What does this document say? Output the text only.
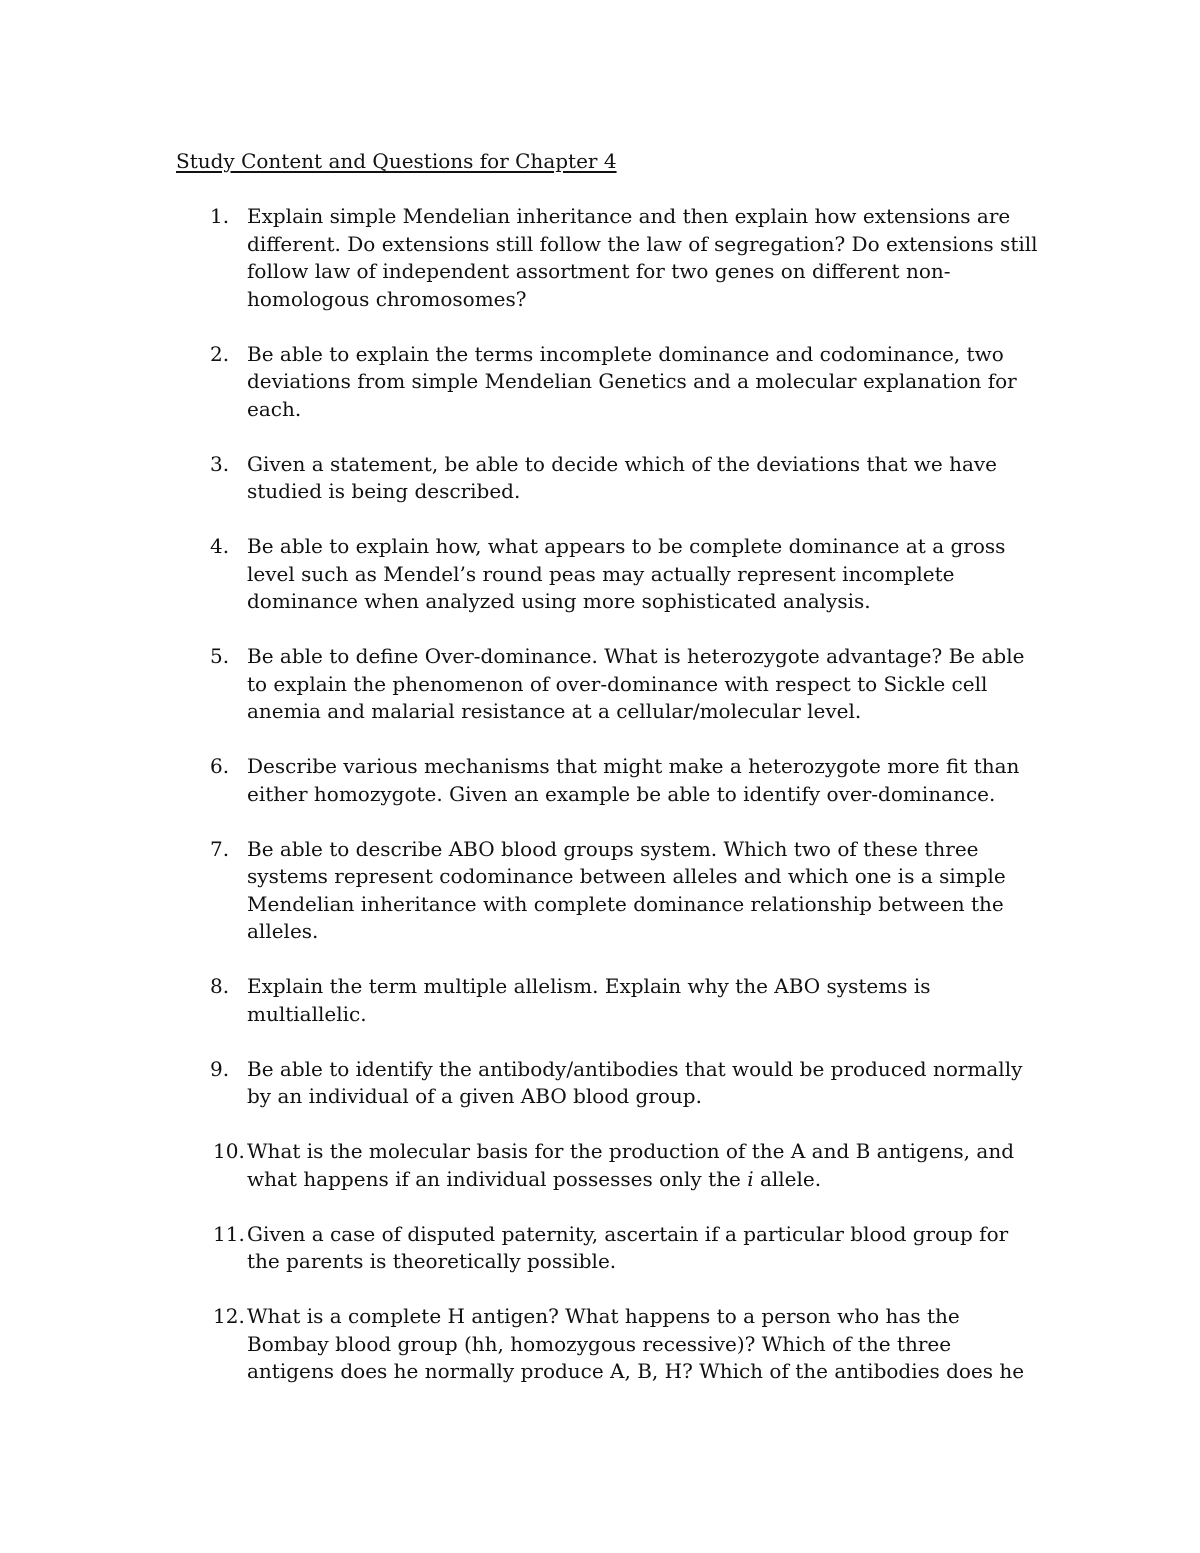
Study Content and Questions for Chapter 4
1. Explain simple Mendelian inheritance and then explain how extensions are
different. Do extensions still follow the law of segregation? Do extensions still
follow law of independent assortment for two genes on different non-
homologous chromosomes?
2. Be able to explain the terms incomplete dominance and codominance, two
deviations from simple Mendelian Genetics and a molecular explanation for
each.
3. Given a statement, be able to decide which of the deviations that we have
studied is being described.
4. Be able to explain how, what appears to be complete dominance at a gross
level such as Mendel’s round peas may actually represent incomplete
dominance when analyzed using more sophisticated analysis.
5. Be able to define Over-dominance. What is heterozygote advantage? Be able
to explain the phenomenon of over-dominance with respect to Sickle cell
anemia and malarial resistance at a cellular/molecular level.
6. Describe various mechanisms that might make a heterozygote more fit than
either homozygote. Given an example be able to identify over-dominance.
7. Be able to describe ABO blood groups system. Which two of these three
systems represent codominance between alleles and which one is a simple
Mendelian inheritance with complete dominance relationship between the
alleles.
8. Explain the term multiple allelism. Explain why the ABO systems is
multiallelic.
9. Be able to identify the antibody/antibodies that would be produced normally
by an individual of a given ABO blood group.
10. What is the molecular basis for the production of the A and B antigens, and
what happens if an individual possesses only the i allele.
11. Given a case of disputed paternity, ascertain if a particular blood group for
the parents is theoretically possible.
12. What is a complete H antigen? What happens to a person who has the
Bombay blood group (hh, homozygous recessive)? Which of the three
antigens does he normally produce A, B, H? Which of the antibodies does he
